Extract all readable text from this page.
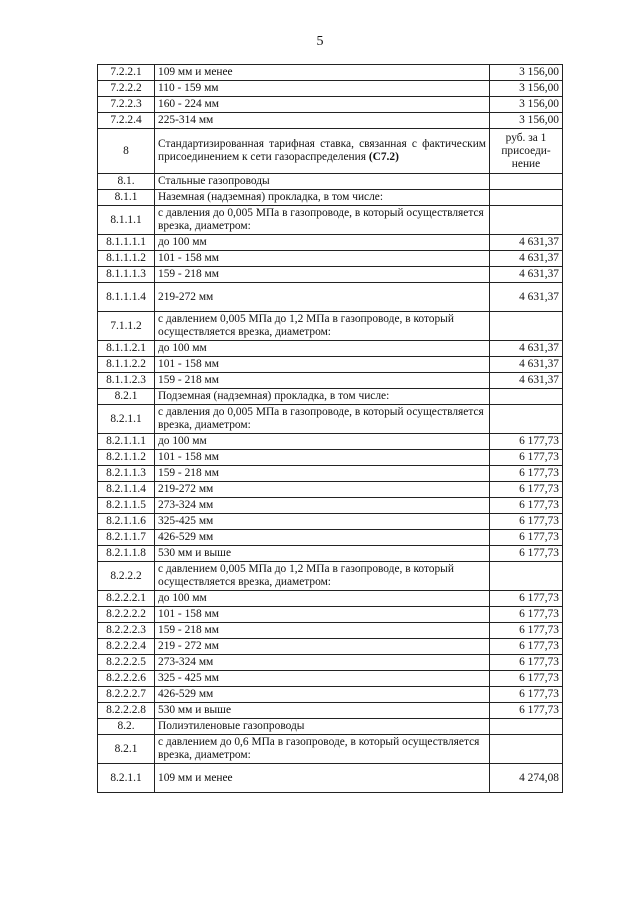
5
7.2.2.1	109 мм и менее	3 156,00
7.2.2.2	110 - 159 мм	3 156,00
7.2.2.3	160 - 224 мм	3 156,00
7.2.2.4	225-314 мм	3 156,00
8	Стандартизированная тарифная ставка, связанная с фактическим присоединением к сети газораспределения (С7.2)	руб. за 1 присоеди-нение
8.1.	Стальные газопроводы	
8.1.1	Наземная (надземная) прокладка, в том числе:	
8.1.1.1	с давления до 0,005 МПа в газопроводе, в который осуществляется врезка, диаметром:	
8.1.1.1.1	до 100 мм	4 631,37
8.1.1.1.2	101 - 158 мм	4 631,37
8.1.1.1.3	159 - 218 мм	4 631,37
8.1.1.1.4	219-272 мм	4 631,37
7.1.1.2	с давлением 0,005 МПа до 1,2 МПа в газопроводе, в который осуществляется врезка, диаметром:	
8.1.1.2.1	до 100 мм	4 631,37
8.1.1.2.2	101 - 158 мм	4 631,37
8.1.1.2.3	159 - 218 мм	4 631,37
8.2.1	Подземная (надземная) прокладка, в том числе:	
8.2.1.1	с давления до 0,005 МПа в газопроводе, в который осуществляется врезка, диаметром:	
8.2.1.1.1	до 100 мм	6 177,73
8.2.1.1.2	101 - 158 мм	6 177,73
8.2.1.1.3	159 - 218 мм	6 177,73
8.2.1.1.4	219-272 мм	6 177,73
8.2.1.1.5	273-324 мм	6 177,73
8.2.1.1.6	325-425 мм	6 177,73
8.2.1.1.7	426-529 мм	6 177,73
8.2.1.1.8	530 мм и выше	6 177,73
8.2.2.2	с давлением 0,005 МПа до 1,2 МПа в газопроводе, в который осуществляется врезка, диаметром:	
8.2.2.2.1	до 100 мм	6 177,73
8.2.2.2.2	101 - 158 мм	6 177,73
8.2.2.2.3	159 - 218 мм	6 177,73
8.2.2.2.4	219 - 272 мм	6 177,73
8.2.2.2.5	273-324 мм	6 177,73
8.2.2.2.6	325 - 425 мм	6 177,73
8.2.2.2.7	426-529 мм	6 177,73
8.2.2.2.8	530 мм и выше	6 177,73
8.2.	Полиэтиленовые газопроводы	
8.2.1	с давлением до 0,6 МПа в газопроводе, в который осуществляется врезка, диаметром:	
8.2.1.1	109 мм и менее	4 274,08
